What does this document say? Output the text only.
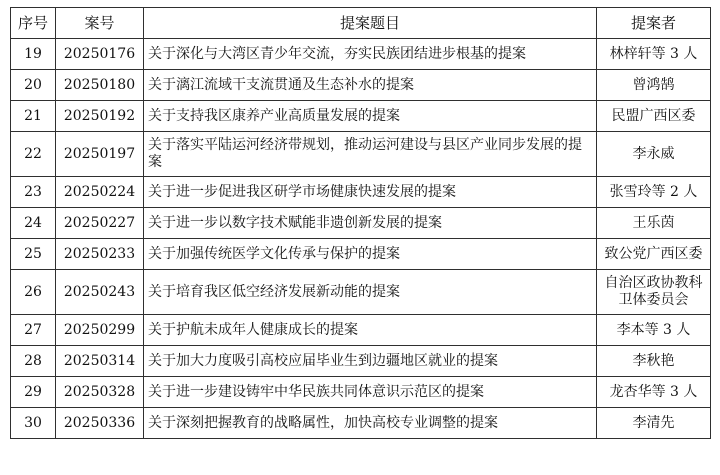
序号	案号	提案题目	提案者
19	20250176	关于深化与大湾区青少年交流，夯实民族团结进步根基的提案	林梓轩等 3 人
20	20250180	关于漓江流域干支流贯通及生态补水的提案	曾鸿鹄
21	20250192	关于支持我区康养产业高质量发展的提案	民盟广西区委
22	20250197	关于落实平陆运河经济带规划，推动运河建设与县区产业同步发展的提案	李永威
23	20250224	关于进一步促进我区研学市场健康快速发展的提案	张雪玲等 2 人
24	20250227	关于进一步以数字技术赋能非遗创新发展的提案	王乐茵
25	20250233	关于加强传统医学文化传承与保护的提案	致公党广西区委
26	20250243	关于培育我区低空经济发展新动能的提案	自治区政协教科卫体委员会
27	20250299	关于护航未成年人健康成长的提案	李本等 3 人
28	20250314	关于加大力度吸引高校应届毕业生到边疆地区就业的提案	李秋艳
29	20250328	关于进一步建设铸牢中华民族共同体意识示范区的提案	龙杏华等 3 人
30	20250336	关于深刻把握教育的战略属性，加快高校专业调整的提案	李清先
